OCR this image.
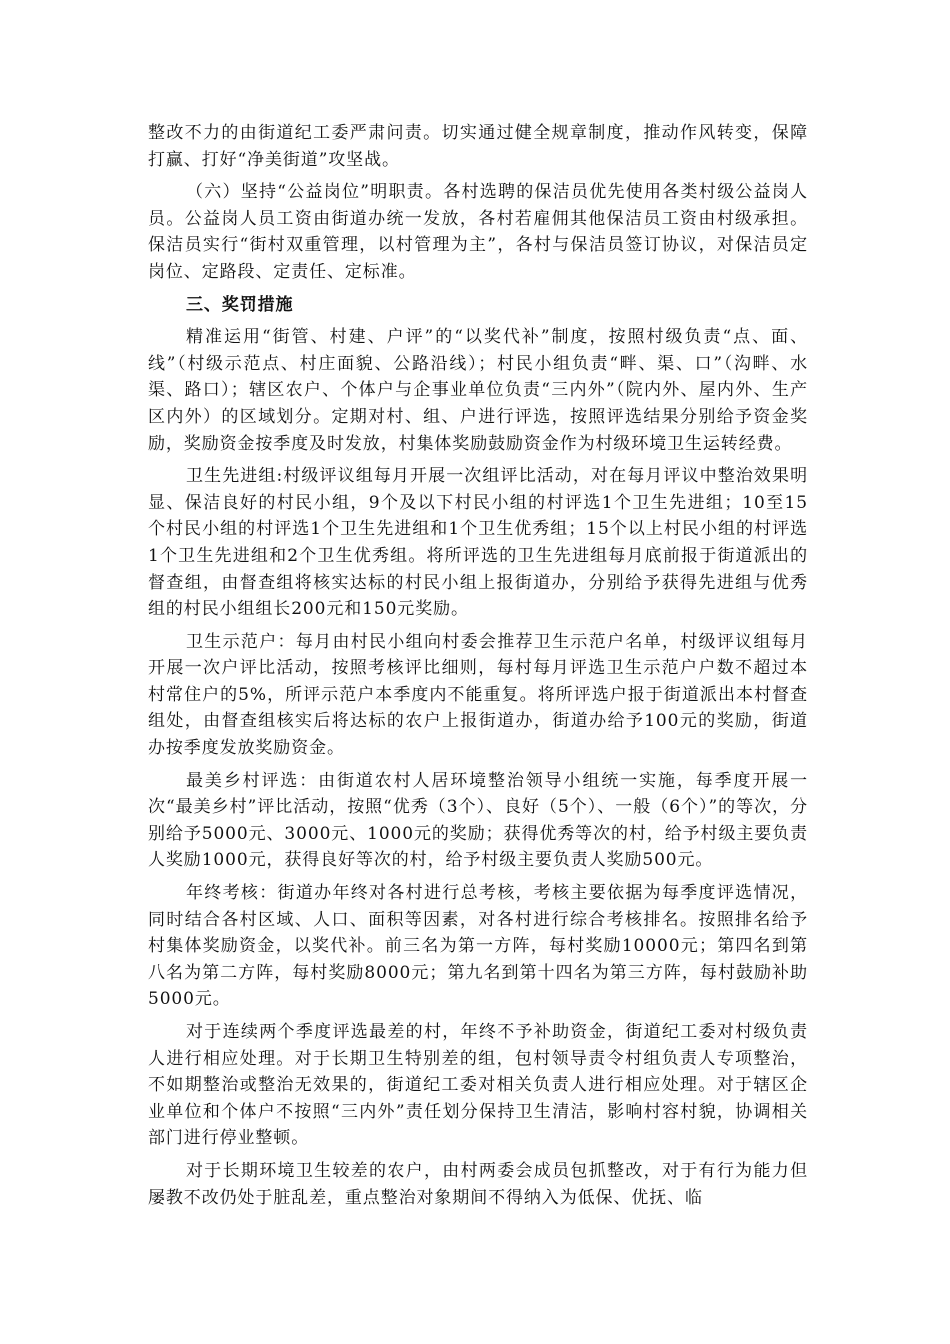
整改不力的由街道纪工委严肃问责。切实通过健全规章制度，推动作风转变，保障打赢、打好“净美街道”攻坚战。

（六）坚持“公益岗位”明职责。各村选聘的保洁员优先使用各类村级公益岗人员。公益岗人员工资由街道办统一发放，各村若雇佣其他保洁员工资由村级承担。保洁员实行“街村双重管理，以村管理为主”，各村与保洁员签订协议，对保洁员定岗位、定路段、定责任、定标准。

三、奖罚措施

精准运用“街管、村建、户评”的“以奖代补”制度，按照村级负责“点、面、线”（村级示范点、村庄面貌、公路沿线）；村民小组负责“畔、渠、口”（沟畔、水渠、路口）；辖区农户、个体户与企事业单位负责“三内外”（院内外、屋内外、生产区内外）的区域划分。定期对村、组、户进行评选，按照评选结果分别给予资金奖励，奖励资金按季度及时发放，村集体奖励鼓励资金作为村级环境卫生运转经费。

卫生先进组:村级评议组每月开展一次组评比活动，对在每月评议中整治效果明显、保洁良好的村民小组，9个及以下村民小组的村评选1个卫生先进组；10至15个村民小组的村评选1个卫生先进组和1个卫生优秀组；15个以上村民小组的村评选1个卫生先进组和2个卫生优秀组。将所评选的卫生先进组每月底前报于街道派出的督查组，由督查组将核实达标的村民小组上报街道办，分别给予获得先进组与优秀组的村民小组组长200元和150元奖励。

卫生示范户：每月由村民小组向村委会推荐卫生示范户名单，村级评议组每月开展一次户评比活动，按照考核评比细则，每村每月评选卫生示范户户数不超过本村常住户的5%，所评示范户本季度内不能重复。将所评选户报于街道派出本村督查组处，由督查组核实后将达标的农户上报街道办，街道办给予100元的奖励，街道办按季度发放奖励资金。

最美乡村评选：由街道农村人居环境整治领导小组统一实施，每季度开展一次“最美乡村”评比活动，按照“优秀（3个）、良好（5个）、一般（6个）”的等次，分别给予5000元、3000元、1000元的奖励；获得优秀等次的村，给予村级主要负责人奖励1000元，获得良好等次的村，给予村级主要负责人奖励500元。

年终考核：街道办年终对各村进行总考核，考核主要依据为每季度评选情况，同时结合各村区域、人口、面积等因素，对各村进行综合考核排名。按照排名给予村集体奖励资金，以奖代补。前三名为第一方阵，每村奖励10000元；第四名到第八名为第二方阵，每村奖励8000元；第九名到第十四名为第三方阵，每村鼓励补助5000元。

对于连续两个季度评选最差的村，年终不予补助资金，街道纪工委对村级负责人进行相应处理。对于长期卫生特别差的组，包村领导责令村组负责人专项整治，不如期整治或整治无效果的，街道纪工委对相关负责人进行相应处理。对于辖区企业单位和个体户不按照“三内外”责任划分保持卫生清洁，影响村容村貌，协调相关部门进行停业整顿。

对于长期环境卫生较差的农户，由村两委会成员包抓整改，对于有行为能力但屡教不改仍处于脏乱差，重点整治对象期间不得纳入为低保、优抚、临
